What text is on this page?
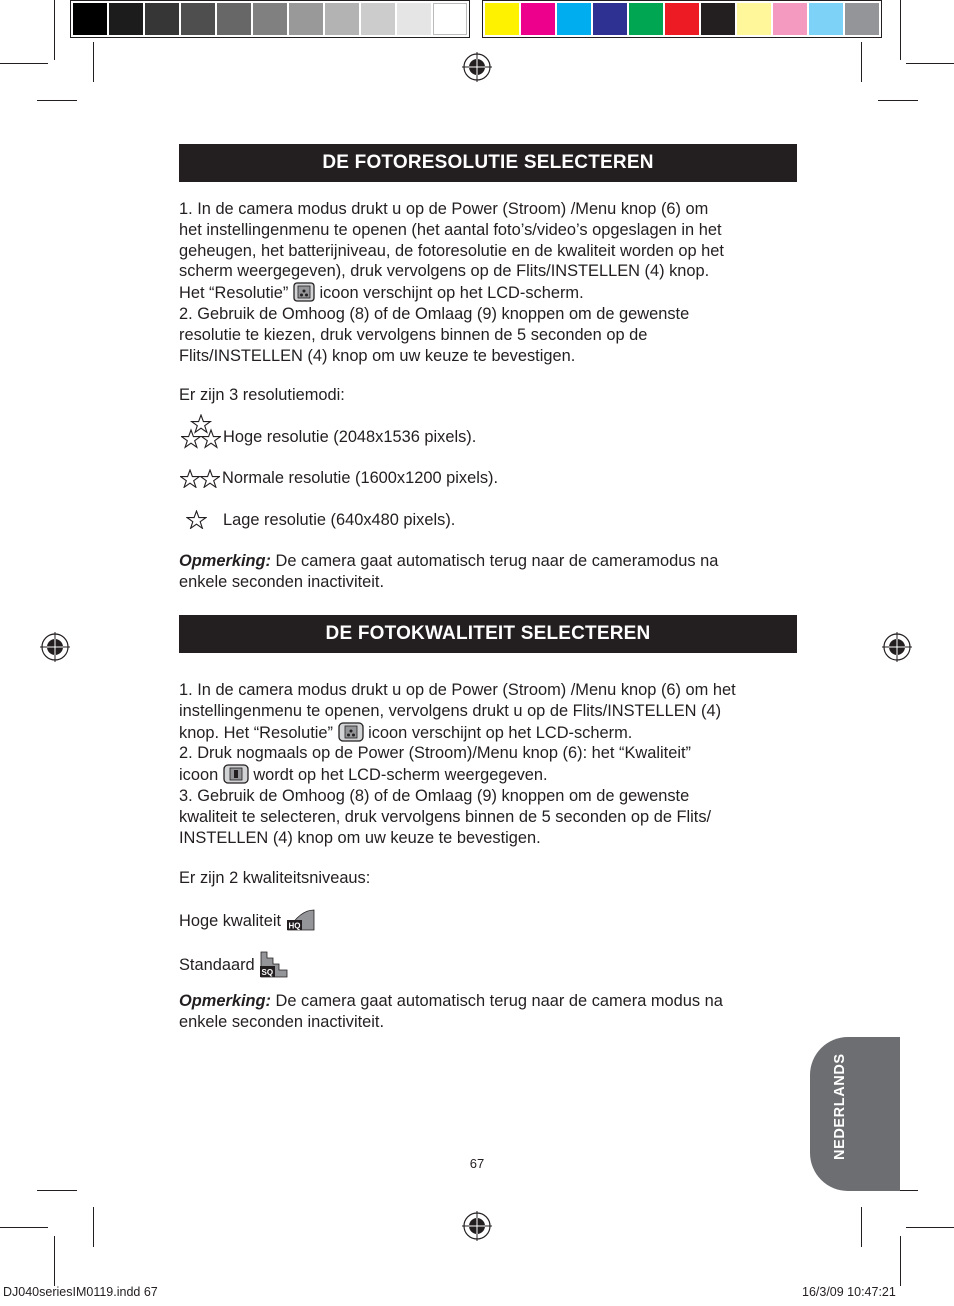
DE FOTORESOLUTIE SELECTEREN
1. In de camera modus drukt u op de Power (Stroom) /Menu knop (6) om
het instellingenmenu te openen (het aantal foto’s/video’s opgeslagen in het
geheugen, het batterijniveau, de fotoresolutie en de kwaliteit worden op het
scherm weergegeven), druk vervolgens op de Flits/INSTELLEN (4) knop.
Het “Resolutie” icoon verschijnt op het LCD-scherm.
2. Gebruik de Omhoog (8) of de Omlaag (9) knoppen om de gewenste
resolutie te kiezen, druk vervolgens binnen de 5 seconden op de
Flits/INSTELLEN (4) knop om uw keuze te bevestigen.
Er zijn 3 resolutiemodi:
Hoge resolutie (2048x1536 pixels).
Normale resolutie (1600x1200 pixels).
Lage resolutie (640x480 pixels).
Opmerking: De camera gaat automatisch terug naar de cameramodus na
enkele seconden inactiviteit.
DE FOTOKWALITEIT SELECTEREN
1. In de camera modus drukt u op de Power (Stroom) /Menu knop (6) om het
instellingenmenu te openen, vervolgens drukt u op de Flits/INSTELLEN (4)
knop. Het “Resolutie” icoon verschijnt op het LCD-scherm.
2. Druk nogmaals op de Power (Stroom)/Menu knop (6): het “Kwaliteit”
icoon wordt op het LCD-scherm weergegeven.
3. Gebruik de Omhoog (8) of de Omlaag (9) knoppen om de gewenste
kwaliteit te selecteren, druk vervolgens binnen de 5 seconden op de Flits/
INSTELLEN (4) knop om uw keuze te bevestigen.
Er zijn 2 kwaliteitsniveaus:
Hoge kwaliteit HQ
Standaard SQ
Opmerking: De camera gaat automatisch terug naar de camera modus na
enkele seconden inactiviteit.
NEDERLANDS
67
DJ040seriesIM0119.indd 67	16/3/09 10:47:21
